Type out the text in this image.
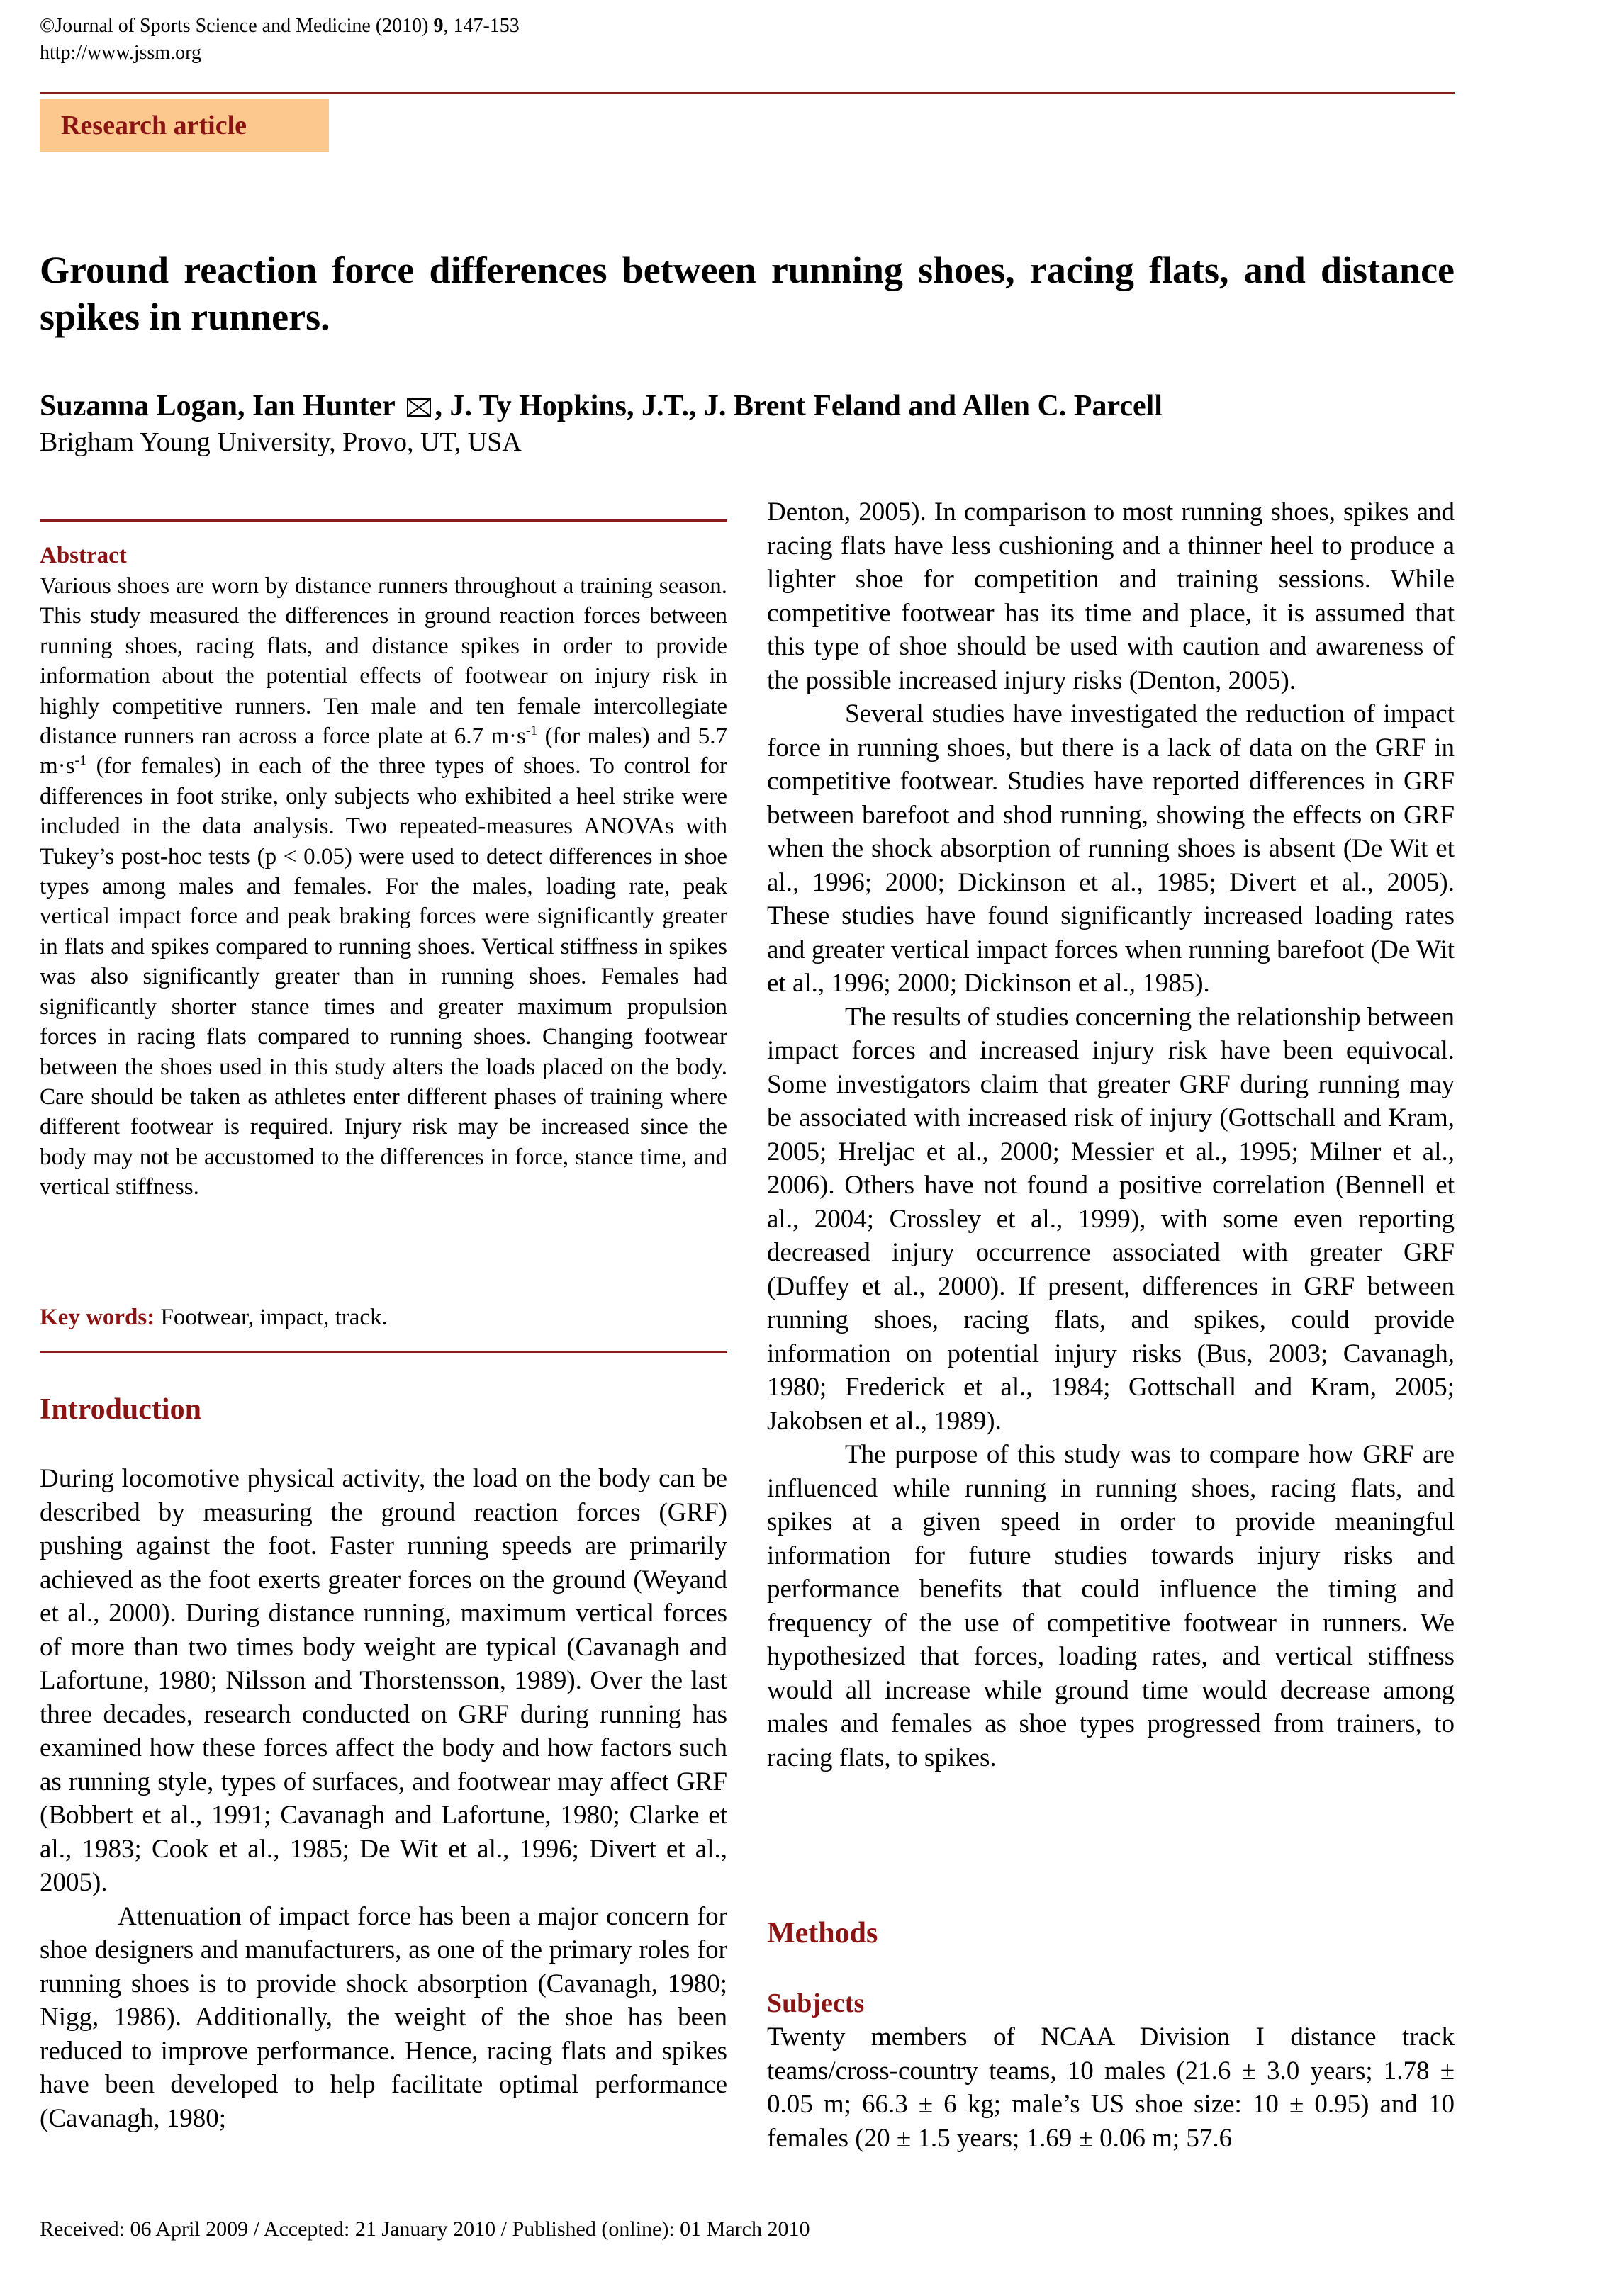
©Journal of Sports Science and Medicine (2010) 9, 147-153
http://www.jssm.org
Research article
Ground reaction force differences between running shoes, racing flats, and distance spikes in runners.
Suzanna Logan, Ian Hunter , J. Ty Hopkins, J.T., J. Brent Feland and Allen C. Parcell
Brigham Young University, Provo, UT, USA
Abstract

Various shoes are worn by distance runners throughout a training season. This study measured the differences in ground reaction forces between running shoes, racing flats, and distance spikes in order to provide information about the potential effects of footwear on injury risk in highly competitive runners. Ten male and ten female intercollegiate distance runners ran across a force plate at 6.7 $m\cdot s^{-1}$ (for males) and 5.7 $m\cdot s^{-1}$ (for females) in each of the three types of shoes. To control for differences in foot strike, only subjects who exhibited a heel strike were included in the data analysis. Two repeated-measures ANOVAs with Tukey’s post-hoc tests (p < 0.05) were used to detect differences in shoe types among males and females. For the males, loading rate, peak vertical impact force and peak braking forces were significantly greater in flats and spikes compared to running shoes. Vertical stiffness in spikes was also significantly greater than in running shoes. Females had significantly shorter stance times and greater maximum propulsion forces in racing flats compared to running shoes. Changing footwear between the shoes used in this study alters the loads placed on the body. Care should be taken as athletes enter different phases of training where different footwear is required. Injury risk may be increased since the body may not be accustomed to the differences in force, stance time, and vertical stiffness.

Key words: Footwear, impact, track.
Introduction

During locomotive physical activity, the load on the body can be described by measuring the ground reaction forces (GRF) pushing against the foot. Faster running speeds are primarily achieved as the foot exerts greater forces on the ground (Weyand et al., 2000). During distance running, maximum vertical forces of more than two times body weight are typical (Cavanagh and Lafortune, 1980; Nilsson and Thorstensson, 1989). Over the last three decades, research conducted on GRF during running has examined how these forces affect the body and how factors such as running style, types of surfaces, and footwear may affect GRF (Bobbert et al., 1991; Cavanagh and Lafortune, 1980; Clarke et al., 1983; Cook et al., 1985; De Wit et al., 1996; Divert et al., 2005).

Attenuation of impact force has been a major concern for shoe designers and manufacturers, as one of the primary roles for running shoes is to provide shock absorption (Cavanagh, 1980; Nigg, 1986). Additionally, the weight of the shoe has been reduced to improve performance. Hence, racing flats and spikes have been developed to help facilitate optimal performance (Cavanagh, 1980;

Denton, 2005). In comparison to most running shoes, spikes and racing flats have less cushioning and a thinner heel to produce a lighter shoe for competition and training sessions. While competitive footwear has its time and place, it is assumed that this type of shoe should be used with caution and awareness of the possible increased injury risks (Denton, 2005).

Several studies have investigated the reduction of impact force in running shoes, but there is a lack of data on the GRF in competitive footwear. Studies have reported differences in GRF between barefoot and shod running, showing the effects on GRF when the shock absorption of running shoes is absent (De Wit et al., 1996; 2000; Dickinson et al., 1985; Divert et al., 2005). These studies have found significantly increased loading rates and greater vertical impact forces when running barefoot (De Wit et al., 1996; 2000; Dickinson et al., 1985).

The results of studies concerning the relationship between impact forces and increased injury risk have been equivocal. Some investigators claim that greater GRF during running may be associated with increased risk of injury (Gottschall and Kram, 2005; Hreljac et al., 2000; Messier et al., 1995; Milner et al., 2006). Others have not found a positive correlation (Bennell et al., 2004; Crossley et al., 1999), with some even reporting decreased injury occurrence associated with greater GRF (Duffey et al., 2000). If present, differences in GRF between running shoes, racing flats, and spikes, could provide information on potential injury risks (Bus, 2003; Cavanagh, 1980; Frederick et al., 1984; Gottschall and Kram, 2005; Jakobsen et al., 1989).

The purpose of this study was to compare how GRF are influenced while running in running shoes, racing flats, and spikes at a given speed in order to provide meaningful information for future studies towards injury risks and performance benefits that could influence the timing and frequency of the use of competitive footwear in runners. We hypothesized that forces, loading rates, and vertical stiffness would all increase while ground time would decrease among males and females as shoe types progressed from trainers, to racing flats, to spikes.

Methods
Subjects
Twenty members of NCAA Division I distance track teams/cross-country teams, 10 males (21.6 ± 3.0 years; 1.78 ± 0.05 m; 66.3 ± 6 kg; male’s US shoe size: 10 ± 0.95) and 10 females (20 ± 1.5 years; 1.69 ± 0.06 m; 57.6
Received: 06 April 2009 / Accepted: 21 January 2010 / Published (online): 01 March 2010
